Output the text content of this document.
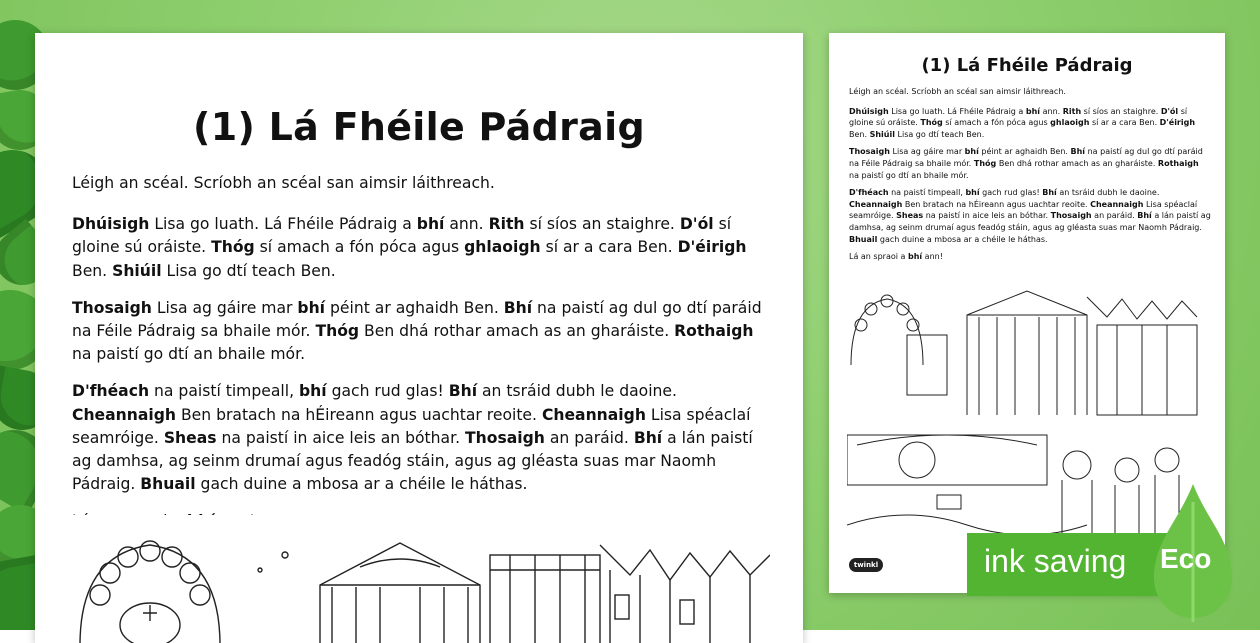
(1) Lá Fhéile Pádraig

Léigh an scéal. Scríobh an scéal san aimsir láithreach.

Dhúisigh Lisa go luath. Lá Fhéile Pádraig a bhí ann. Rith sí síos an staighre. D'ól sí gloine sú oráiste. Thóg sí amach a fón póca agus ghlaoigh sí ar a cara Ben. D'éirigh Ben. Shiúil Lisa go dtí teach Ben.

Thosaigh Lisa ag gáire mar bhí péint ar aghaidh Ben. Bhí na paistí ag dul go dtí paráid na Féile Pádraig sa bhaile mór. Thóg Ben dhá rothar amach as an gharáiste. Rothaigh na paistí go dtí an bhaile mór.

D'fhéach na paistí timpeall, bhí gach rud glas! Bhí an tsráid dubh le daoine. Cheannaigh Ben bratach na hÉireann agus uachtar reoite. Cheannaigh Lisa spéaclaí seamróige. Sheas na paistí in aice leis an bóthar. Thosaigh an paráid. Bhí a lán paistí ag damhsa, ag seinm drumaí agus feadóg stáin, agus ag gléasta suas mar Naomh Pádraig. Bhuail gach duine a mbosa ar a chéile le háthas.

Lá an spraoi a bhí ann!

(1) Lá Fhéile Pádraig

Léigh an scéal. Scríobh an scéal san aimsir láithreach.

Dhúisigh Lisa go luath. Lá Fhéile Pádraig a bhí ann. Rith sí síos an staighre. D'ól sí gloine sú oráiste. Thóg sí amach a fón póca agus ghlaoigh sí ar a cara Ben. D'éirigh Ben. Shiúil Lisa go dtí teach Ben.

Thosaigh Lisa ag gáire mar bhí péint ar aghaidh Ben. Bhí na paistí ag dul go dtí paráid na Féile Pádraig sa bhaile mór. Thóg Ben dhá rothar amach as an gharáiste. Rothaigh na paistí go dtí an bhaile mór.

D'fhéach na paistí timpeall, bhí gach rud glas! Bhí an tsráid dubh le daoine. Cheannaigh Ben bratach na hÉireann agus uachtar reoite. Cheannaigh Lisa spéaclaí seamróige. Sheas na paistí in aice leis an bóthar. Thosaigh an paráid. Bhí a lán paistí ag damhsa, ag seinm drumaí agus feadóg stáin, agus ag gléasta suas mar Naomh Pádraig. Bhuail gach duine a mbosa ar a chéile le háthas.

Lá an spraoi a bhí ann!

twinkl	ink saving Eco
